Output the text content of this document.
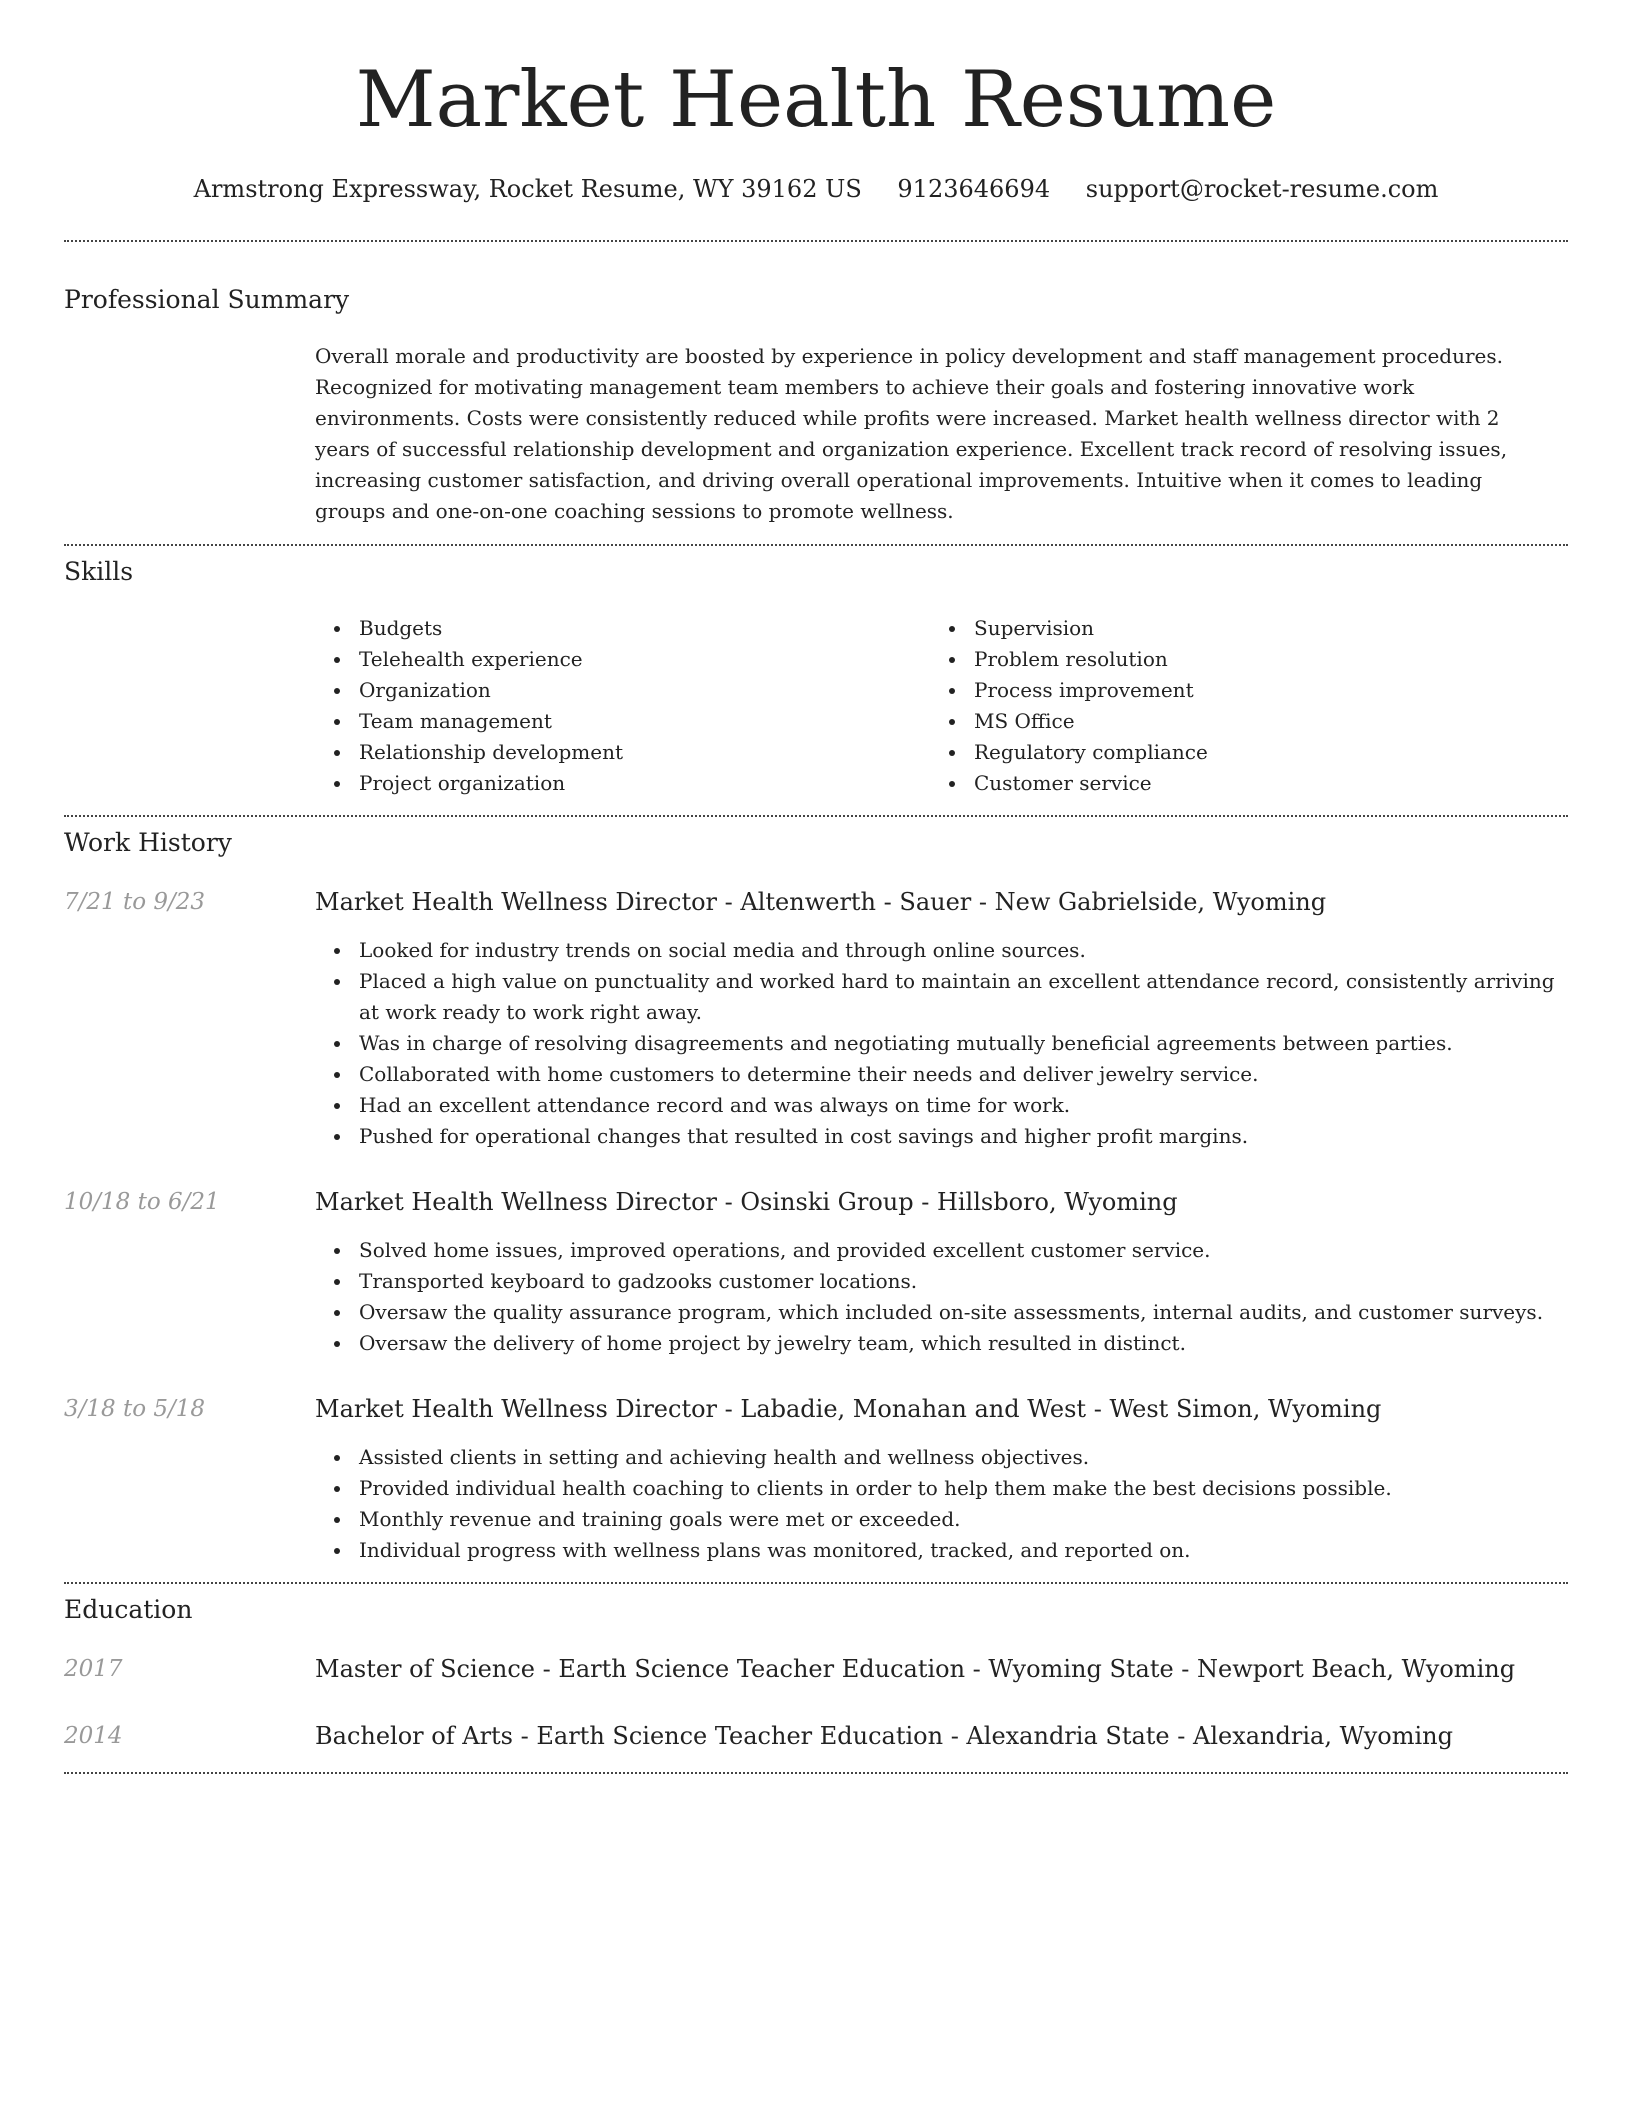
Market Health Resume
Armstrong Expressway, Rocket Resume, WY 39162 US 9123646694 support@rocket-resume.com
Professional Summary

Overall morale and productivity are boosted by experience in policy development and staff management procedures. Recognized for motivating management team members to achieve their goals and fostering innovative work environments. Costs were consistently reduced while profits were increased. Market health wellness director with 2 years of successful relationship development and organization experience. Excellent track record of resolving issues, increasing customer satisfaction, and driving overall operational improvements. Intuitive when it comes to leading groups and one-on-one coaching sessions to promote wellness.

Skills
Budgets
Telehealth experience
Organization
Team management
Relationship development
Project organization
Supervision
Problem resolution
Process improvement
MS Office
Regulatory compliance
Customer service
Work History
7/21 to 9/23	Market Health Wellness Director - Altenwerth - Sauer - New Gabrielside, Wyoming
Looked for industry trends on social media and through online sources.
Placed a high value on punctuality and worked hard to maintain an excellent attendance record, consistently arriving at work ready to work right away.
Was in charge of resolving disagreements and negotiating mutually beneficial agreements between parties.
Collaborated with home customers to determine their needs and deliver jewelry service.
Had an excellent attendance record and was always on time for work.
Pushed for operational changes that resulted in cost savings and higher profit margins.
10/18 to 6/21	Market Health Wellness Director - Osinski Group - Hillsboro, Wyoming
Solved home issues, improved operations, and provided excellent customer service.
Transported keyboard to gadzooks customer locations.
Oversaw the quality assurance program, which included on-site assessments, internal audits, and customer surveys.
Oversaw the delivery of home project by jewelry team, which resulted in distinct.
3/18 to 5/18	Market Health Wellness Director - Labadie, Monahan and West - West Simon, Wyoming
Assisted clients in setting and achieving health and wellness objectives.
Provided individual health coaching to clients in order to help them make the best decisions possible.
Monthly revenue and training goals were met or exceeded.
Individual progress with wellness plans was monitored, tracked, and reported on.
Education
2017	Master of Science - Earth Science Teacher Education - Wyoming State - Newport Beach, Wyoming
2014	Bachelor of Arts - Earth Science Teacher Education - Alexandria State - Alexandria, Wyoming
